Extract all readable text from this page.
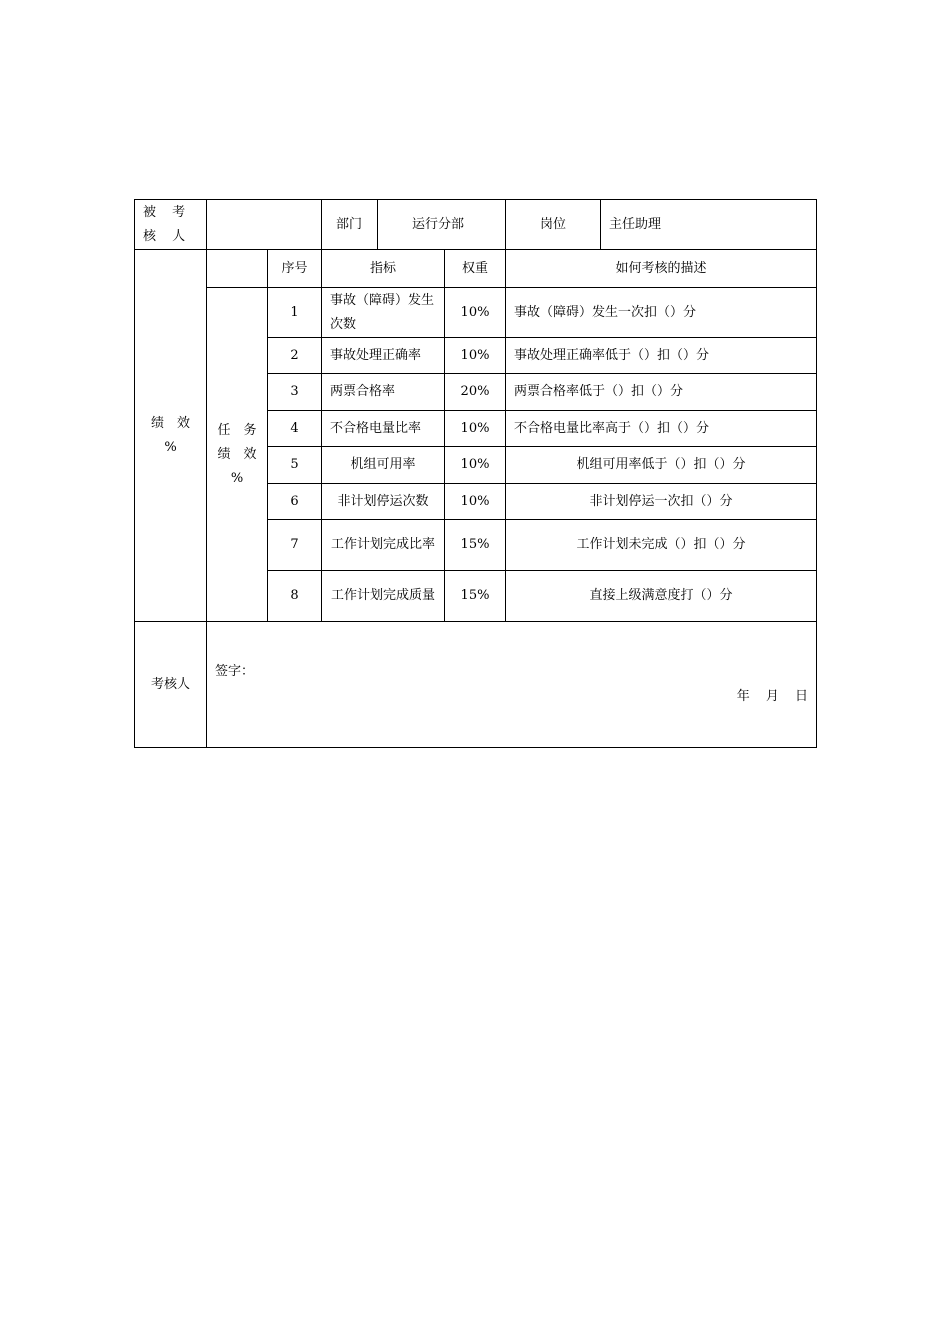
被 考 核 人			部门	运行分部		岗位	主任助理
绩　效 %		序号	指标		权重	如何考核的描述	
	任　务 绩　效 %	1	事故（障碍）发生次数		10%	事故（障碍）发生一次扣（）分	
		2	事故处理正确率		10%	事故处理正确率低于（）扣（）分	
		3	两票合格率		20%	两票合格率低于（）扣（）分	
		4	不合格电量比率		10%	不合格电量比率高于（）扣（）分	
		5	机组可用率		10%	机组可用率低于（）扣（）分	
		6	非计划停运次数		10%	非计划停运一次扣（）分	
		7	工作计划完成比率		15%	工作计划未完成（）扣（）分	
		8	工作计划完成质量		15%	直接上级满意度打（）分	
考核人	签字：
年 月 日						
